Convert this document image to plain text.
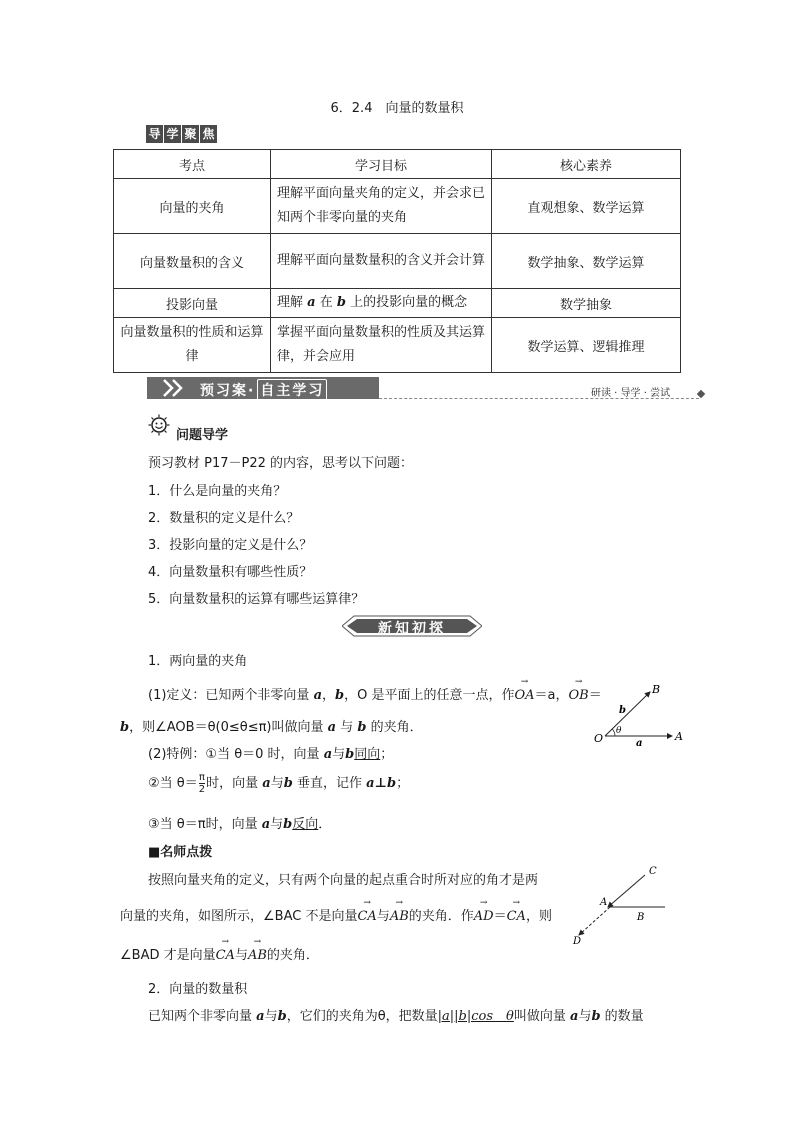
6．2.4　向量的数量积
导 学 聚 焦
考点	学习目标	核心素养
向量的夹角	理解平面向量夹角的定义，并会求已知两个非零向量的夹角	直观想象、数学运算
向量数量积的含义	理解平面向量数量积的含义并会计算	数学抽象、数学运算
投影向量	理解 a 在 b 上的投影向量的概念	数学抽象
向量数量积的性质和运算律	掌握平面向量数量积的性质及其运算律，并会应用	数学运算、逻辑推理
预习案· 自主学习	研读 · 导学 · 尝试
问题导学
预习教材 P17－P22 的内容，思考以下问题：
1．什么是向量的夹角？
2．数量积的定义是什么？
3．投影向量的定义是什么？
4．向量数量积有哪些性质？
5．向量数量积的运算有哪些运算律？
新知初探
1．两向量的夹角
(1)定义：已知两个非零向量 a，b，O 是平面上的任意一点，作→ OA＝a，→ OB＝
b，则∠AOB＝θ(0≤θ≤π)叫做向量 a 与 b 的夹角．
(2)特例：①当 θ＝0 时，向量 a与b同向；
②当 $\theta= \frac{\pi}{2}$ 时，向量 a与b 垂直，记作 a⊥b；
③当 θ＝π时，向量 a与b反向．
■名师点拨
按照向量夹角的定义，只有两个向量的起点重合时所对应的角才是两
向量的夹角，如图所示，∠BAC 不是向量→ CA与→ AB的夹角．作→ AD＝→ CA，则
∠BAD 才是向量→ CA与→ AB的夹角．
2．向量的数量积
已知两个非零向量 a与b，它们的夹角为θ，把数量|a||b|cos　θ叫做向量 a与b 的数量
O	A
B
a
b
θ
A
B
C
D
